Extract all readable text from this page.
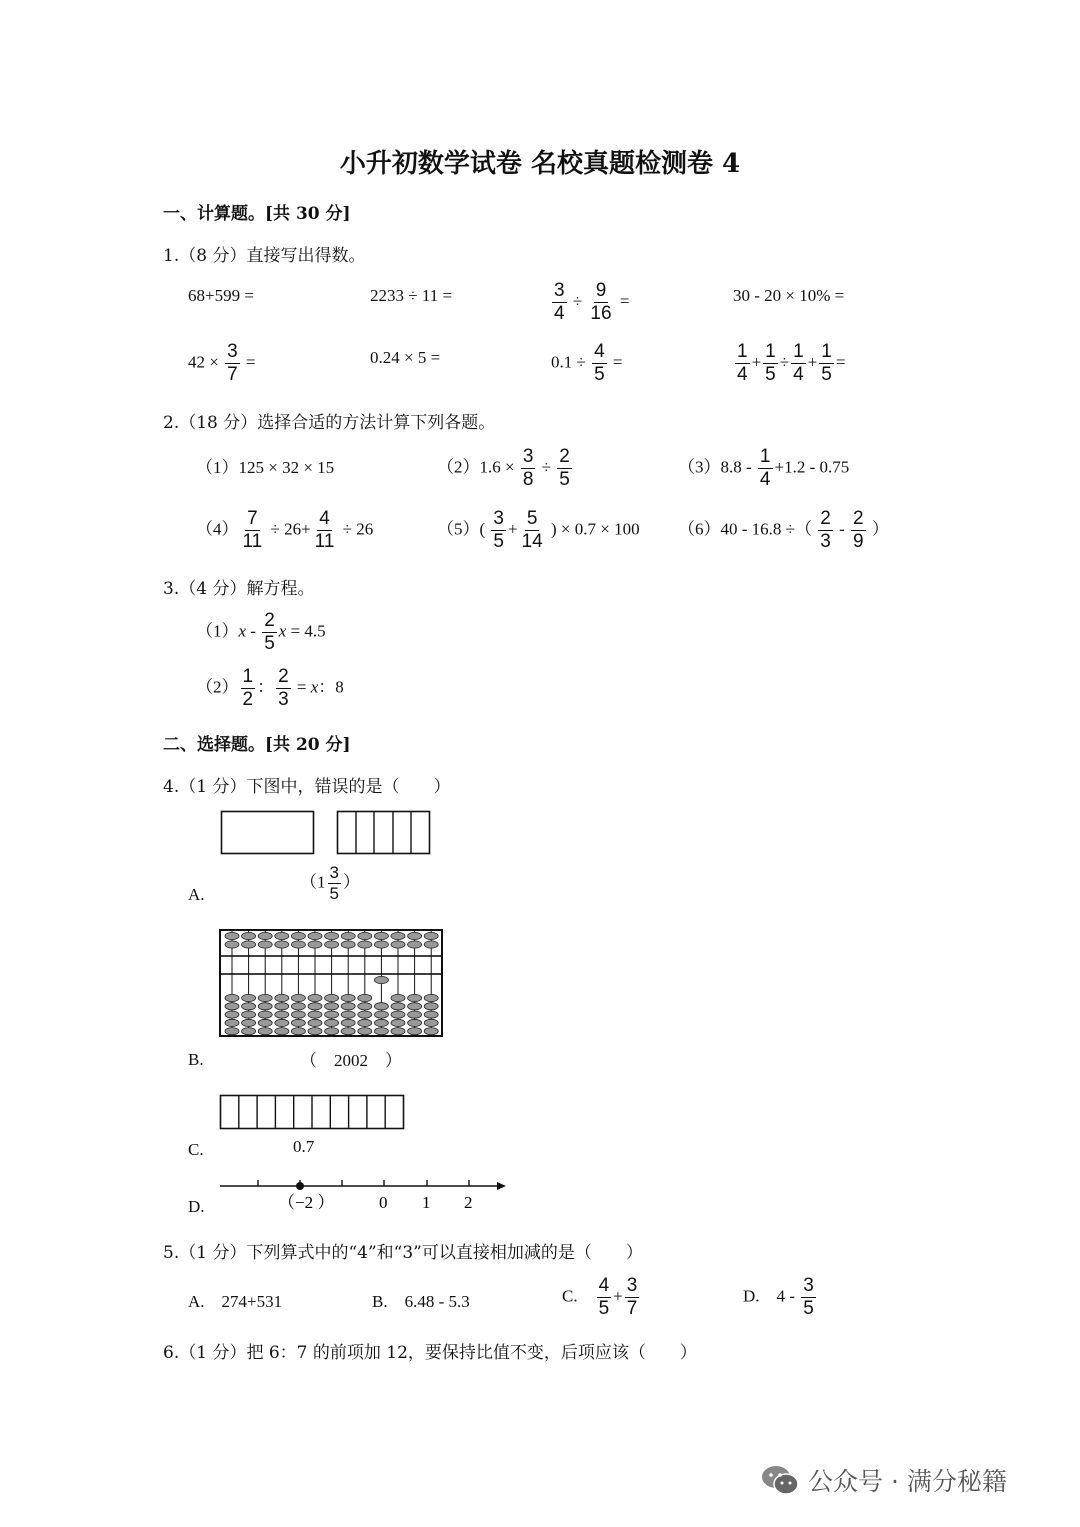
小升初数学试卷 名校真题检测卷 4
一、计算题。[共 30 分]
1.（8 分）直接写出得数。
68+599 =	2233 ÷ 11 =	$\frac{3}{4} \div \frac{9}{16}$ =	30 - 20 × 10% =
$42 \times \frac{3}{7}$ =	0.24 × 5 =	$0.1 \div \frac{4}{5}$ =	$\frac{1}{4} + \frac{1}{5} \div \frac{1}{4} + \frac{1}{5}$ =
2.（18 分）选择合适的方法计算下列各题。
（1）125 × 32 × 15	$(2)1.6 \times \frac{3}{8} \div \frac{2}{5}$	$(3)8.8 - \frac{1}{4} +1.2 - 0.75$
$(4) \frac{7}{11} \div 26+ \frac{4}{11} \div 26$	$(5)( \frac{3}{5} + \frac{5}{14}$ ) × 0.7 × 100 （6）40 - 16.8 ÷（ $\frac{2}{3} - \frac{2}{9}$ ）
3.（4 分）解方程。
$(1)x - \frac{2}{5}$ x = 4.5
$(2) \frac{1}{2}$ ： $\frac{2}{3} = x$：8
二、选择题。[共 20 分]
4.（1 分）下图中，错误的是（　　）
（$1 \frac{3}{5}$ ）
A.
（　2002　）
B.
0.7
C.
（−2 ）	0 1 2
D.
5.（1 分）下列算式中的“4”和“3”可以直接相加减的是（　　）
A.　274+531	B.　6.48 - 5.3	C.　 $\frac{4}{5} + \frac{3}{7}$	D.　 $4 - \frac{3}{5}$
6.（1 分）把 6：7 的前项加 12，要保持比值不变，后项应该（　　）
公众号 · 满分秘籍
